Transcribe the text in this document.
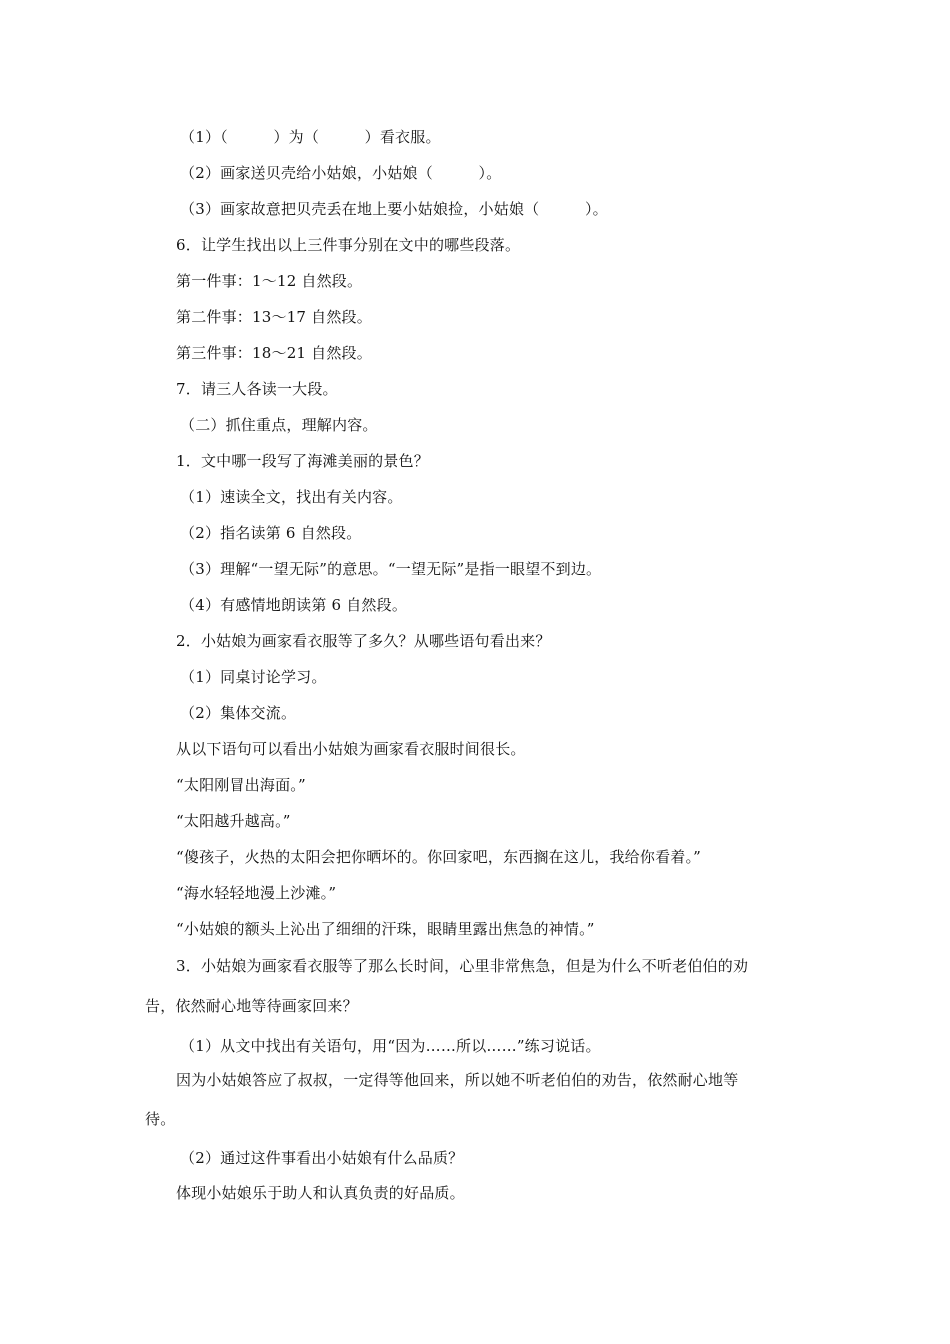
（1）（　　　）为（　　　）看衣服。
（2）画家送贝壳给小姑娘，小姑娘（　　　）。
（3）画家故意把贝壳丢在地上要小姑娘捡，小姑娘（　　　）。
6．让学生找出以上三件事分别在文中的哪些段落。
第一件事：1～12 自然段。
第二件事：13～17 自然段。
第三件事：18～21 自然段。
7．请三人各读一大段。
（二）抓住重点，理解内容。
1．文中哪一段写了海滩美丽的景色？
（1）速读全文，找出有关内容。
（2）指名读第 6 自然段。
（3）理解“一望无际”的意思。“一望无际”是指一眼望不到边。
（4）有感情地朗读第 6 自然段。
2．小姑娘为画家看衣服等了多久？从哪些语句看出来？
（1）同桌讨论学习。
（2）集体交流。
从以下语句可以看出小姑娘为画家看衣服时间很长。
“太阳刚冒出海面。”
“太阳越升越高。”
“傻孩子，火热的太阳会把你晒坏的。你回家吧，东西搁在这儿，我给你看着。”
“海水轻轻地漫上沙滩。”
“小姑娘的额头上沁出了细细的汗珠，眼睛里露出焦急的神情。”
3．小姑娘为画家看衣服等了那么长时间，心里非常焦急，但是为什么不听老伯伯的劝
告，依然耐心地等待画家回来？
（1）从文中找出有关语句，用“因为……所以……”练习说话。
因为小姑娘答应了叔叔，一定得等他回来，所以她不听老伯伯的劝告，依然耐心地等
待。
（2）通过这件事看出小姑娘有什么品质？
体现小姑娘乐于助人和认真负责的好品质。
